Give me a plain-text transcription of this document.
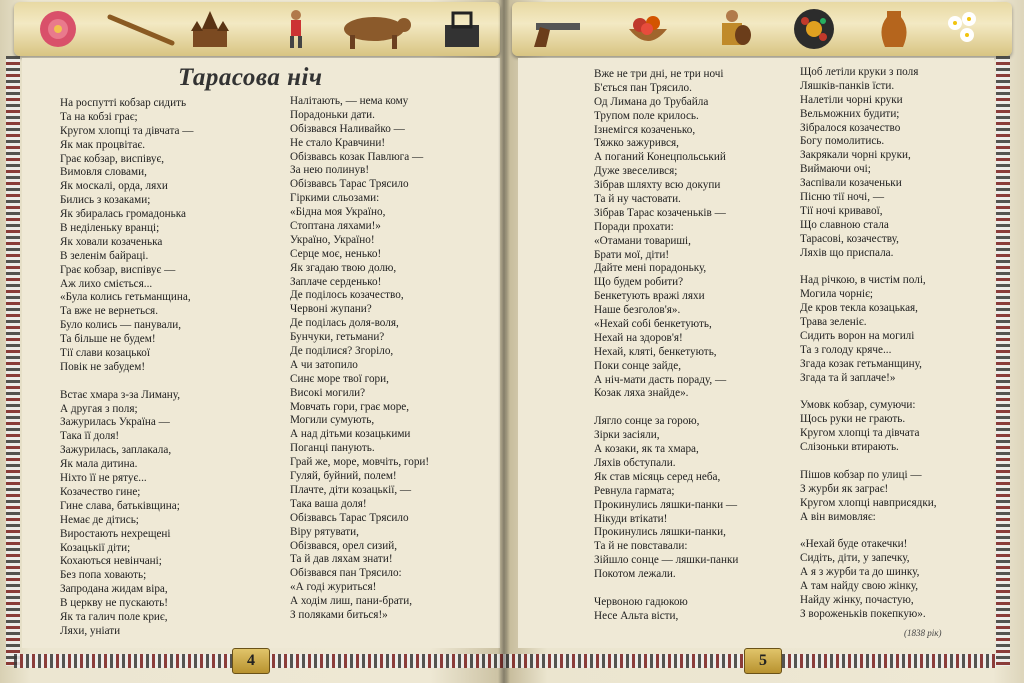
Тарасова ніч
На роспутті кобзар сидить
Та на кобзі грає;
Кругом хлопці та дівчата —
Як мак процвітає.
Грає кобзар, виспівує,
Вимовля словами,
Як москалі, орда, ляхи
Бились з козаками;
Як збиралась громадонька
В неділеньку вранці;
Як ховали козаченька
В зеленім байраці.
Грає кобзар, виспівує —
Аж лихо сміється...
«Була колись гетьманщина,
Та вже не вернеться.
Було колись — панували,
Та більше не будем!
Тії слави козацької
Повік не забудем!
Встає хмара з-за Лиману,
А другая з поля;
Зажурилась Україна —
Така її доля!
Зажурилась, заплакала,
Як мала дитина.
Ніхто її не рятує...
Козачество гине;
Гине слава, батьківщина;
Немає де дітись;
Виростають нехрещені
Козацькії діти;
Кохаються невінчані;
Без попа ховають;
Запродана жидам віра,
В церкву не пускають!
Як та галич поле криє,
Ляхи, уніати
Налітають, — нема кому
Порадоньки дати.
Обізвався Наливайко —
Не стало Кравчини!
Обізвавсь козак Павлюга —
За нею полинув!
Обізвавсь Тарас Трясило
Гіркими сльозами:
«Бідна моя Україно,
Стоптана ляхами!»
Україно, Україно!
Серце моє, ненько!
Як згадаю твою долю,
Заплаче серденько!
Де поділось козачество,
Червоні жупани?
Де поділась доля-воля,
Бунчуки, гетьмани?
Де поділися? Згоріло,
А чи затопило
Синє море твої гори,
Високі могили?
Мовчать гори, грає море,
Могили сумують,
А над дітьми козацькими
Поганці панують.
Грай же, море, мовчіть, гори!
Гуляй, буйний, полем!
Плачте, діти козацькії, —
Така ваша доля!
Обізвавсь Тарас Трясило
Віру рятувати,
Обізвався, орел сизий,
Та й дав ляхам знати!
Обізвався пан Трясило:
«А годі журиться!
А ходім лиш, пани-брати,
З поляками биться!»
4
Вже не три дні, не три ночі
Б'ється пан Трясило.
Од Лимана до Трубайла
Трупом поле крилось.
Ізнемігся козаченько,
Тяжко зажурився,
А поганий Конецпольський
Дуже звеселився;
Зібрав шляхту всю докупи
Та й ну частовати.
Зібрав Тарас козаченьків —
Поради прохати:
«Отамани товариші,
Брати мої, діти!
Дайте мені порадоньку,
Що будем робити?
Бенкетують вражі ляхи
Наше безголов'я».
«Нехай собі бенкетують,
Нехай на здоров'я!
Нехай, кляті, бенкетують,
Поки сонце зайде,
А ніч-мати дасть пораду, —
Козак ляха знайде».
Лягло сонце за горою,
Зірки засіяли,
А козаки, як та хмара,
Ляхів обступали.
Як став місяць серед неба,
Ревнула гармата;
Прокинулись ляшки-панки —
Нікуди втікати!
Прокинулись ляшки-панки,
Та й не повставали:
Зійшло сонце — ляшки-панки
Покотом лежали.
Червоною гадюкою
Несе Альта вісти,
Щоб летіли круки з поля
Ляшків-панків їсти.
Налетіли чорні круки
Вельможних будити;
Зібралося козачество
Богу помолитись.
Закрякали чорні круки,
Виймаючи очі;
Заспівали козаченьки
Пісню тії ночі, —
Тії ночі кривавої,
Що славною стала
Тарасові, козачеству,
Ляхів що приспала.
Над річкою, в чистім полі,
Могила чорніє;
Де кров текла козацькая,
Трава зеленіє.
Сидить ворон на могилі
Та з голоду кряче...
Згада козак гетьманщину,
Згада та й заплаче!»
Умовк кобзар, сумуючи:
Щось руки не грають.
Кругом хлопці та дівчата
Слізоньки втирають.
Пішов кобзар по улиці —
З журби як заграє!
Кругом хлопці навприсядки,
А він вимовляє:
«Нехай буде отакечки!
Сидіть, діти, у запечку,
А я з журби та до шинку,
А там найду свою жінку,
Найду жінку, почастую,
З вороженьків покепкую».
(1838 рік)
5
